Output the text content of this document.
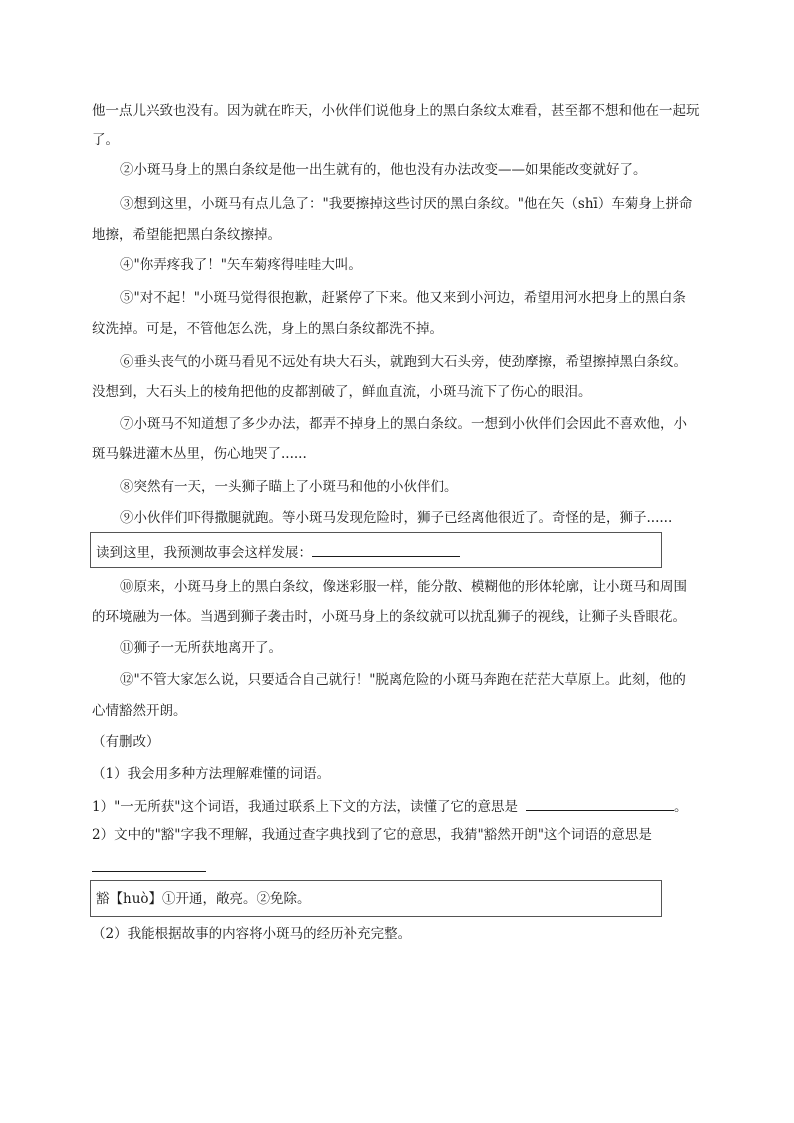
他一点儿兴致也没有。因为就在昨天，小伙伴们说他身上的黑白条纹太难看，甚至都不想和他在一起玩
了。
②小斑马身上的黑白条纹是他一出生就有的，他也没有办法改变——如果能改变就好了。
③想到这里，小斑马有点儿急了："我要擦掉这些讨厌的黑白条纹。"他在矢（shī）车菊身上拼命
地擦，希望能把黑白条纹擦掉。
④"你弄疼我了！"矢车菊疼得哇哇大叫。
⑤"对不起！"小斑马觉得很抱歉，赶紧停了下来。他又来到小河边，希望用河水把身上的黑白条
纹洗掉。可是，不管他怎么洗，身上的黑白条纹都洗不掉。
⑥垂头丧气的小斑马看见不远处有块大石头，就跑到大石头旁，使劲摩擦，希望擦掉黑白条纹。
没想到，大石头上的棱角把他的皮都割破了，鲜血直流，小斑马流下了伤心的眼泪。
⑦小斑马不知道想了多少办法，都弄不掉身上的黑白条纹。一想到小伙伴们会因此不喜欢他，小
斑马躲进灌木丛里，伤心地哭了......
⑧突然有一天，一头狮子瞄上了小斑马和他的小伙伴们。
⑨小伙伴们吓得撒腿就跑。等小斑马发现危险时，狮子已经离他很近了。奇怪的是，狮子......
读到这里，我预测故事会这样发展：
⑩原来，小斑马身上的黑白条纹，像迷彩服一样，能分散、模糊他的形体轮廓，让小斑马和周围
的环境融为一体。当遇到狮子袭击时，小斑马身上的条纹就可以扰乱狮子的视线，让狮子头昏眼花。
⑪狮子一无所获地离开了。
⑫"不管大家怎么说，只要适合自己就行！"脱离危险的小斑马奔跑在茫茫大草原上。此刻，他的
心情豁然开朗。
（有删改）
（1）我会用多种方法理解难懂的词语。
1）"一无所获"这个词语，我通过联系上下文的方法，读懂了它的意思是	。
2）文中的"豁"字我不理解，我通过查字典找到了它的意思，我猜"豁然开朗"这个词语的意思是
豁【huò】①开通，敞亮。②免除。
（2）我能根据故事的内容将小斑马的经历补充完整。
